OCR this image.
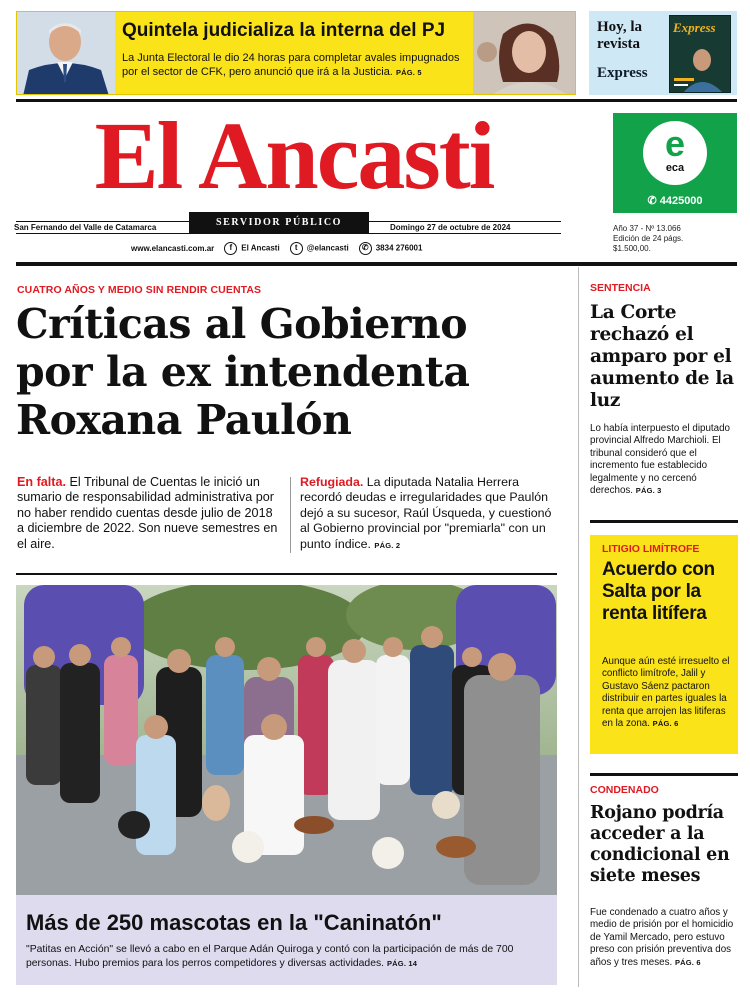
Quintela judicializa la interna del PJ
La Junta Electoral le dio 24 horas para completar avales impugnados por el sector de CFK, pero anunció que irá a la Justicia. PÁG. 5
Hoy, la
revista
Express
Express
El Ancasti
San Fernando del Valle de Catamarca	SERVIDOR PÚBLICO	Domingo 27 de octubre de 2024
www.elancasti.com.ar	f El Ancasti	t @elancasti	✆ 3834 276001
e
eca
✆ 4425000
Año 37 - Nº 13.066
Edición de 24 págs.
$1.500,00.
CUATRO AÑOS Y MEDIO SIN RENDIR CUENTAS
Críticas al Gobierno por la ex intendenta Roxana Paulón
En falta. El Tribunal de Cuentas le inició un sumario de responsabilidad administrativa por no haber rendido cuentas desde julio de 2018 a diciembre de 2022. Son nueve semestres en el aire.
Refugiada. La diputada Natalia Herrera recordó deudas e irregularidades que Paulón dejó a su sucesor, Raúl Úsqueda, y cuestionó al Gobierno provincial por "premiarla" con un punto índice. PÁG. 2
Más de 250 mascotas en la "Caninatón"
"Patitas en Acción" se llevó a cabo en el Parque Adán Quiroga y contó con la participación de más de 700 personas. Hubo premios para los perros competidores y diversas actividades. PÁG. 14
SENTENCIA
La Corte rechazó el amparo por el aumento de la luz
Lo había interpuesto el diputado provincial Alfredo Marchioli. El tribunal consideró que el incremento fue establecido legalmente y no cercenó derechos. PÁG. 3
LITIGIO LIMÍTROFE
Acuerdo con Salta por la renta litífera
Aunque aún esté irresuelto el conflicto limítrofe, Jalil y Gustavo Sáenz pactaron distribuir en partes iguales la renta que arrojen las litiferas en la zona. PÁG. 6
CONDENADO
Rojano podría acceder a la condicional en siete meses
Fue condenado a cuatro años y medio de prisión por el homicidio de Yamil Mercado, pero estuvo preso con prisión preventiva dos años y tres meses. PÁG. 6
